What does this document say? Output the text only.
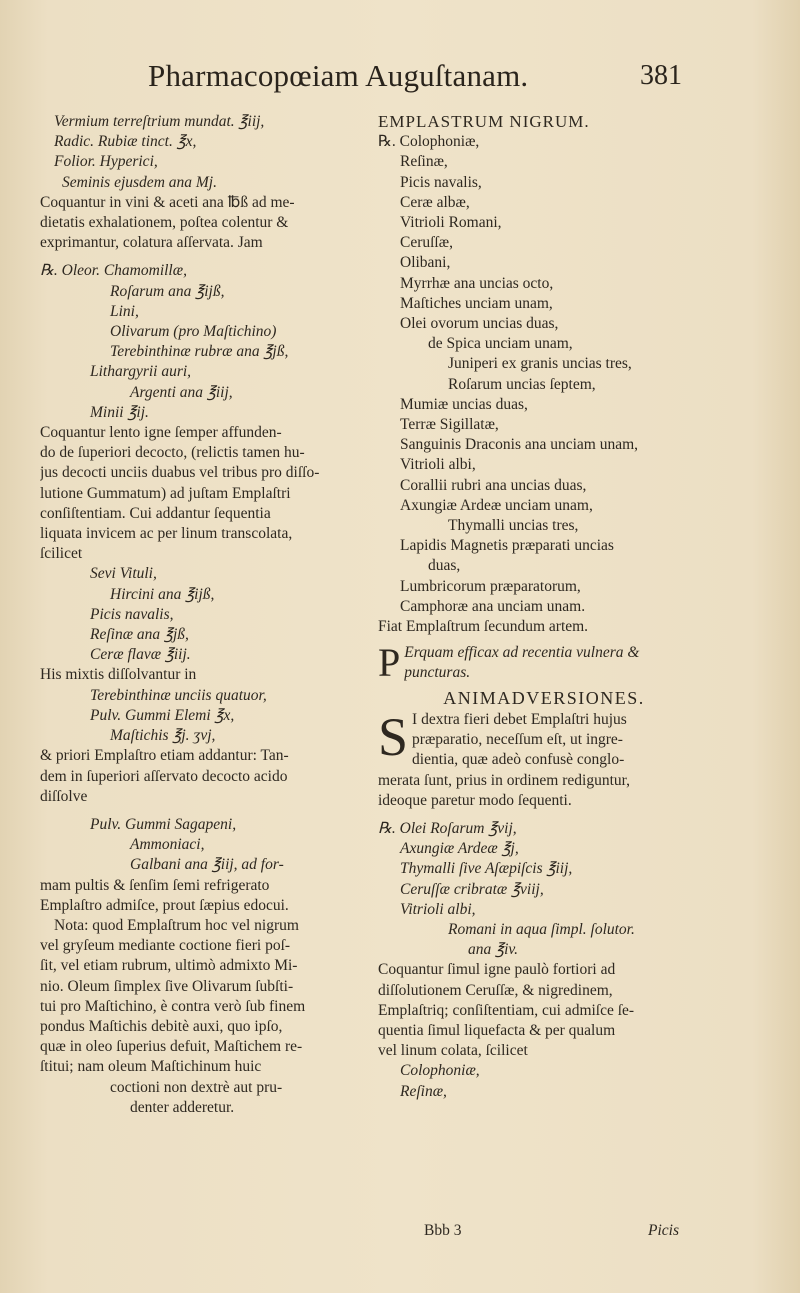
Pharmacopœiam Auguſtanam.	381
Vermium terreſtrium mundat. ℥iij,
Radic. Rubiæ tinct. ℥x,
Folior. Hyperici,
Seminis ejusdem ana Mj.
Coquantur in vini & aceti ana ℔ß ad me-
dietatis exhalationem, poſtea colentur &
exprimantur, colatura aſſervata. Jam
℞. Oleor. Chamomillæ,
Roſarum ana ℥ijß,
Lini,
Olivarum (pro Maſtichino)
Terebinthinæ rubræ ana ℥jß,
Lithargyrii auri,
Argenti ana ℥iij,
Minii ℥ij.
Coquantur lento igne ſemper affunden-
do de ſuperiori decocto, (relictis tamen hu-
jus decocti unciis duabus vel tribus pro diſſo-
lutione Gummatum) ad juſtam Emplaſtri
conſiſtentiam. Cui addantur ſequentia
liquata invicem ac per linum transcolata,
ſcilicet
Sevi Vituli,
Hircini ana ℥ijß,
Picis navalis,
Reſinæ ana ℥jß,
Ceræ flavæ ℥iij.
His mixtis diſſolvantur in
Terebinthinæ unciis quatuor,
Pulv. Gummi Elemi ℥x,
Maſtichis ℥j. ʒvj,
& priori Emplaſtro etiam addantur: Tan-
dem in ſuperiori aſſervato decocto acido
diſſolve
Pulv. Gummi Sagapeni,
Ammoniaci,
Galbani ana ℥iij, ad for-
mam pultis & ſenſim ſemi refrigerato
Emplaſtro admiſce, prout ſæpius edocui.
Nota: quod Emplaſtrum hoc vel nigrum
vel gryſeum mediante coctione fieri poſ-
ſit, vel etiam rubrum, ultimò admixto Mi-
nio. Oleum ſimplex ſive Olivarum ſubſti-
tui pro Maſtichino, è contra verò ſub finem
pondus Maſtichis debitè auxi, quo ipſo,
quæ in oleo ſuperius defuit, Maſtichem re-
ſtitui; nam oleum Maſtichinum huic
coctioni non dextrè aut pru-
denter adderetur.
EMPLASTRUM NIGRUM.
℞. Colophoniæ,
Reſinæ,
Picis navalis,
Ceræ albæ,
Vitrioli Romani,
Ceruſſæ,
Olibani,
Myrrhæ ana uncias octo,
Maſtiches unciam unam,
Olei ovorum uncias duas,
de Spica unciam unam,
Juniperi ex granis uncias tres,
Roſarum uncias ſeptem,
Mumiæ uncias duas,
Terræ Sigillatæ,
Sanguinis Draconis ana unciam unam,
Vitrioli albi,
Corallii rubri ana uncias duas,
Axungiæ Ardeæ unciam unam,
Thymalli uncias tres,
Lapidis Magnetis præparati uncias
duas,
Lumbricorum præparatorum,
Camphoræ ana unciam unam.
Fiat Emplaſtrum ſecundum artem.
P Erquam efficax ad recentia vulnera &
puncturas.
ANIMADVERSIONES.
S I dextra fieri debet Emplaſtri hujus
præparatio, neceſſum eſt, ut ingre-
dientia, quæ adeò confusè conglo-
merata ſunt, prius in ordinem rediguntur,
ideoque paretur modo ſequenti.
℞. Olei Roſarum ℥vij,
Axungiæ Ardeæ ℥j,
Thymalli ſive Aſæpiſcis ℥iij,
Ceruſſæ cribratæ ℥viij,
Vitrioli albi,
Romani in aqua ſimpl. ſolutor.
ana ℥iv.
Coquantur ſimul igne paulò fortiori ad
diſſolutionem Ceruſſæ, & nigredinem,
Emplaſtriq; conſiſtentiam, cui admiſce ſe-
quentia ſimul liquefacta & per qualum
vel linum colata, ſcilicet
Colophoniæ,
Reſinæ,
Bbb 3	Picis
